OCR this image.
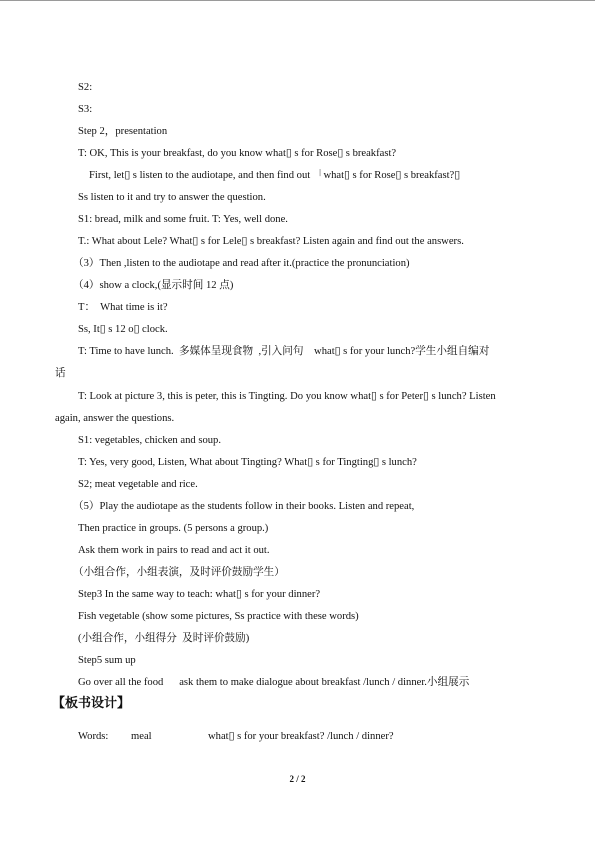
S2:
S3:
Step 2，presentation
T: OK, This is your breakfast, do you know what▯ s for Rose▯ s breakfast?
First, let▯ s listen to the audiotape, and then find out 「what▯ s for Rose▯ s breakfast?▯
Ss listen to it and try to answer the question.
S1: bread, milk and some fruit. T: Yes, well done.
T.: What about Lele? What▯ s for Lele▯ s breakfast? Listen again and find out the answers.
（3）Then ,listen to the audiotape and read after it.(practice the pronunciation)
（4）show a clock,(显示时间 12 点)
T：  What time is it?
Ss, It▯ s 12 o▯ clock.
T: Time to have lunch.  多媒体呈现食物  ,引入问句    what▯ s for your lunch?学生小组自编对
话
T: Look at picture 3, this is peter, this is Tingting. Do you know what▯ s for Peter▯ s lunch? Listen
again, answer the questions.
S1: vegetables, chicken and soup.
T: Yes, very good, Listen, What about Tingting? What▯ s for Tingting▯ s lunch?
S2; meat vegetable and rice.
（5）Play the audiotape as the students follow in their books. Listen and repeat,
Then practice in groups. (5 persons a group.)
Ask them work in pairs to read and act it out.
（小组合作，小组表演，及时评价鼓励学生）
Step3 In the same way to teach: what▯ s for your dinner?
Fish vegetable (show some pictures, Ss practice with these words)
(小组合作，小组得分  及时评价鼓励)
Step5 sum up
Go over all the food      ask them to make dialogue about breakfast /lunch / dinner.小组展示
【板书设计】
Words: meal	what▯ s for your breakfast? /lunch / dinner?
2 / 2
